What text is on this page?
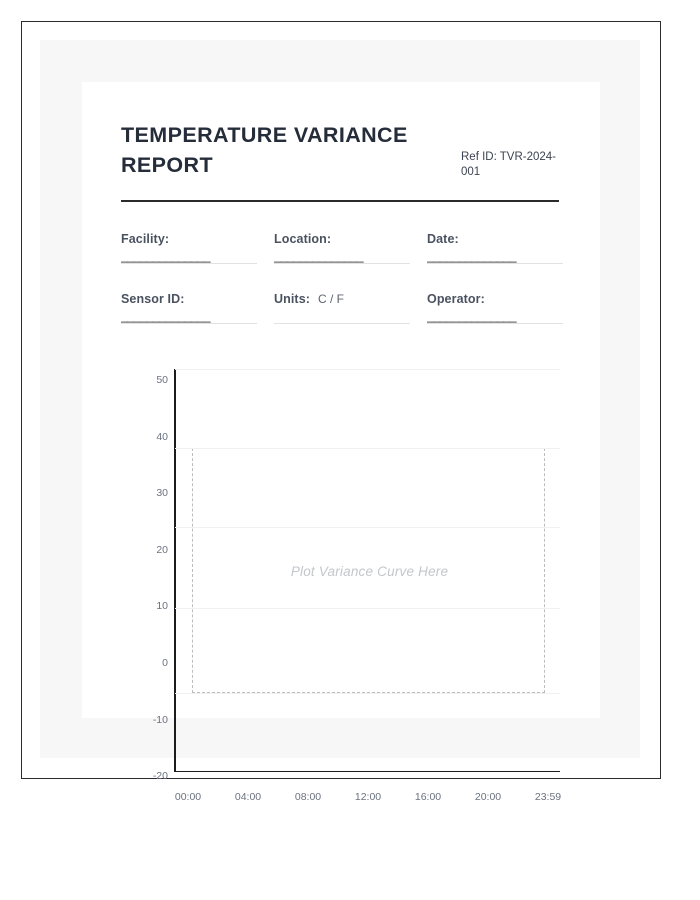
TEMPERATURE VARIANCE REPORT	Ref ID: TVR-2024-001
Facility:
______________
Location:
______________
Date:
______________
Sensor ID:
______________
Units: C / F	Operator:
______________
50
40
30
20
10
0
-10
-20
Plot Variance Curve Here
00:00	04:00	08:00	12:00	16:00	20:00	23:59
